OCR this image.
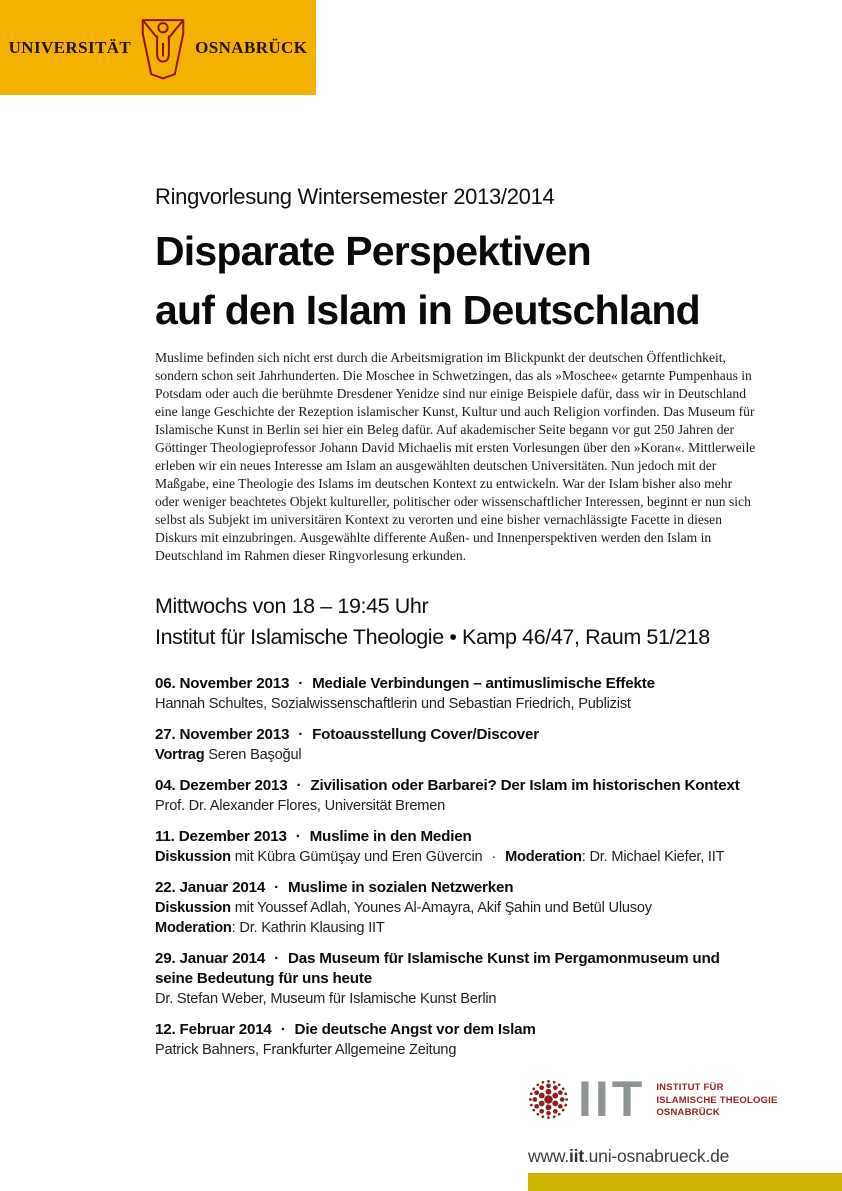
UNIVERSITÄT	OSNABRÜCK
Ringvorlesung Wintersemester 2013/2014
Disparate Perspektiven
auf den Islam in Deutschland
Muslime befinden sich nicht erst durch die Arbeitsmigration im Blickpunkt der deutschen Öffentlichkeit, sondern schon seit Jahrhunderten. Die Moschee in Schwetzingen, das als »Moschee« getarnte Pumpenhaus in Potsdam oder auch die berühmte Dresdener Yenidze sind nur einige Beispiele dafür, dass wir in Deutschland eine lange Geschichte der Rezeption islamischer Kunst, Kultur und auch Religion vorfinden. Das Museum für Islamische Kunst in Berlin sei hier ein Beleg dafür. Auf akademischer Seite begann vor gut 250 Jahren der Göttinger Theologieprofessor Johann David Michaelis mit ersten Vorlesungen über den »Koran«. Mittlerweile erleben wir ein neues Interesse am Islam an ausgewählten deutschen Universitäten. Nun jedoch mit der Maßgabe, eine Theologie des Islams im deutschen Kontext zu entwickeln. War der Islam bisher also mehr oder weniger beachtetes Objekt kultureller, politischer oder wissenschaftlicher Interessen, beginnt er nun sich selbst als Subjekt im universitären Kontext zu verorten und eine bisher vernachlässigte Facette in diesen Diskurs mit einzubringen. Ausgewählte differente Außen- und Innenperspektiven werden den Islam in Deutschland im Rahmen dieser Ringvorlesung erkunden.
Mittwochs von 18 – 19:45 Uhr
Institut für Islamische Theologie • Kamp 46/47, Raum 51/218
06. November 2013 · Mediale Verbindungen – antimuslimische Effekte
Hannah Schultes, Sozialwissenschaftlerin und Sebastian Friedrich, Publizist
27. November 2013 · Fotoausstellung Cover/Discover
Vortrag Seren Başoğul
04. Dezember 2013 · Zivilisation oder Barbarei? Der Islam im historischen Kontext
Prof. Dr. Alexander Flores, Universität Bremen
11. Dezember 2013 · Muslime in den Medien
Diskussion mit Kübra Gümüşay und Eren Güvercin · Moderation: Dr. Michael Kiefer, IIT
22. Januar 2014 · Muslime in sozialen Netzwerken
Diskussion mit Youssef Adlah, Younes Al-Amayra, Akif Şahin und Betül Ulusoy
Moderation: Dr. Kathrin Klausing IIT
29. Januar 2014 · Das Museum für Islamische Kunst im Pergamonmuseum und seine Bedeutung für uns heute
Dr. Stefan Weber, Museum für Islamische Kunst Berlin
12. Februar 2014 · Die deutsche Angst vor dem Islam
Patrick Bahners, Frankfurter Allgemeine Zeitung
IIT INSTITUT FÜR
ISLAMISCHE THEOLOGIE
OSNABRÜCK
www.iit.uni-osnabrueck.de
